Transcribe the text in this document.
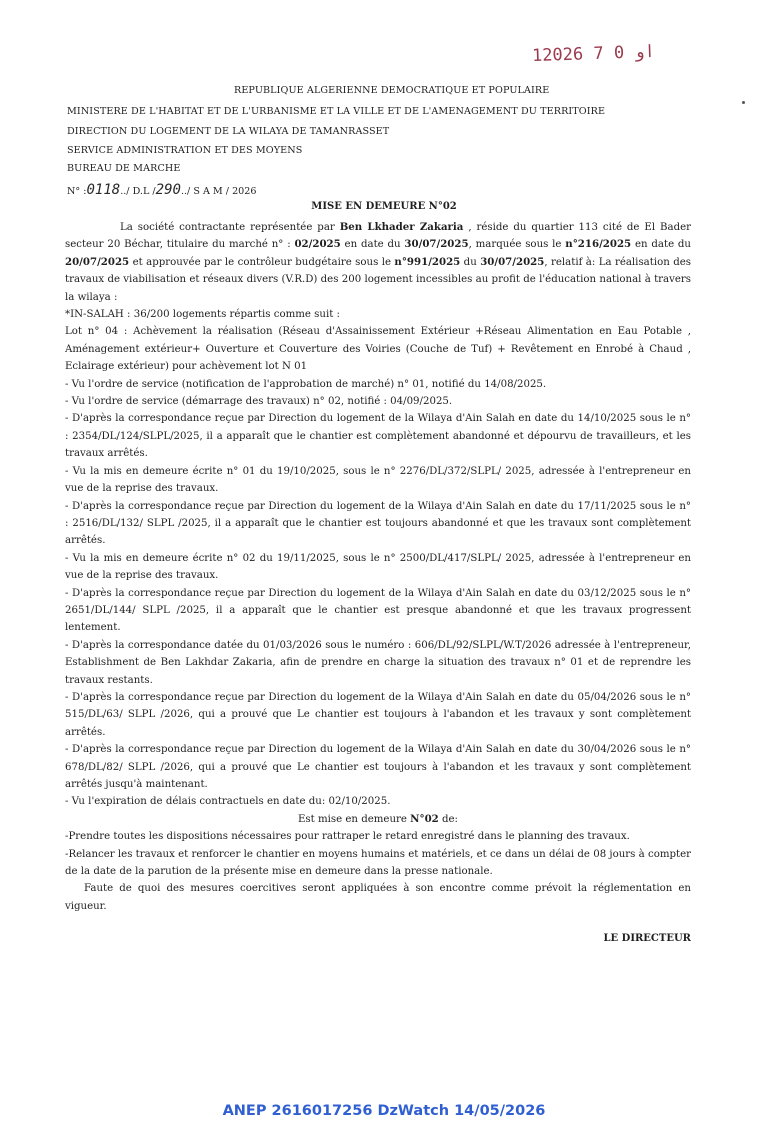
12026 ﺍﻭ 0 7
REPUBLIQUE ALGERIENNE DEMOCRATIQUE ET POPULAIRE
MINISTERE DE L'HABITAT ET DE L'URBANISME ET LA VILLE ET DE L'AMENAGEMENT DU TERRITOIRE
DIRECTION DU LOGEMENT DE LA WILAYA DE TAMANRASSET
SERVICE ADMINISTRATION ET DES MOYENS
BUREAU DE MARCHE
N° :0118../ D.L /290../ S A M / 2026
MISE EN DEMEURE N°02

La société contractante représentée par Ben Lkhader Zakaria , réside du quartier 113 cité de El Bader secteur 20 Béchar, titulaire du marché n° : 02/2025 en date du 30/07/2025, marquée sous le n°216/2025 en date du 20/07/2025 et approuvée par le contrôleur budgétaire sous le n°991/2025 du 30/07/2025, relatif à: La réalisation des travaux de viabilisation et réseaux divers (V.R.D) des 200 logement incessibles au profit de l'éducation national à travers la wilaya :

*IN-SALAH : 36/200 logements répartis comme suit :

Lot n° 04 : Achèvement la réalisation (Réseau d'Assainissement Extérieur +Réseau Alimentation en Eau Potable , Aménagement extérieur+ Ouverture et Couverture des Voiries (Couche de Tuf) + Revêtement en Enrobé à Chaud , Eclairage extérieur) pour achèvement lot N 01

- Vu l'ordre de service (notification de l'approbation de marché) n° 01, notifié du 14/08/2025.

- Vu l'ordre de service (démarrage des travaux) n° 02, notifié : 04/09/2025.

- D'après la correspondance reçue par Direction du logement de la Wilaya d'Ain Salah en date du 14/10/2025 sous le n° : 2354/DL/124/SLPL/2025, il a apparaît que le chantier est complètement abandonné et dépourvu de travailleurs, et les travaux arrêtés.

- Vu la mis en demeure écrite n° 01 du 19/10/2025, sous le n° 2276/DL/372/SLPL/ 2025, adressée à l'entrepreneur en vue de la reprise des travaux.

- D'après la correspondance reçue par Direction du logement de la Wilaya d'Ain Salah en date du 17/11/2025 sous le n° : 2516/DL/132/ SLPL /2025, il a apparaît que le chantier est toujours abandonné et que les travaux sont complètement arrêtés.

- Vu la mis en demeure écrite n° 02 du 19/11/2025, sous le n° 2500/DL/417/SLPL/ 2025, adressée à l'entrepreneur en vue de la reprise des travaux.

- D'après la correspondance reçue par Direction du logement de la Wilaya d'Ain Salah en date du 03/12/2025 sous le n° 2651/DL/144/ SLPL /2025, il a apparaît que le chantier est presque abandonné et que les travaux progressent lentement.

- D'après la correspondance datée du 01/03/2026 sous le numéro : 606/DL/92/SLPL/W.T/2026 adressée à l'entrepreneur, Establishment de Ben Lakhdar Zakaria, afin de prendre en charge la situation des travaux n° 01 et de reprendre les travaux restants.

- D'après la correspondance reçue par Direction du logement de la Wilaya d'Ain Salah en date du 05/04/2026 sous le n° 515/DL/63/ SLPL /2026, qui a prouvé que Le chantier est toujours à l'abandon et les travaux y sont complètement arrêtés.

- D'après la correspondance reçue par Direction du logement de la Wilaya d'Ain Salah en date du 30/04/2026 sous le n° 678/DL/82/ SLPL /2026, qui a prouvé que Le chantier est toujours à l'abandon et les travaux y sont complètement arrêtés jusqu'à maintenant.

- Vu l'expiration de délais contractuels en date du: 02/10/2025.

Est mise en demeure N°02 de:

-Prendre toutes les dispositions nécessaires pour rattraper le retard enregistré dans le planning des travaux.

-Relancer les travaux et renforcer le chantier en moyens humains et matériels, et ce dans un délai de 08 jours à compter de la date de la parution de la présente mise en demeure dans la presse nationale.

Faute de quoi des mesures coercitives seront appliquées à son encontre comme prévoit la réglementation en vigueur.

LE DIRECTEUR
ANEP 2616017256 DzWatch 14/05/2026
